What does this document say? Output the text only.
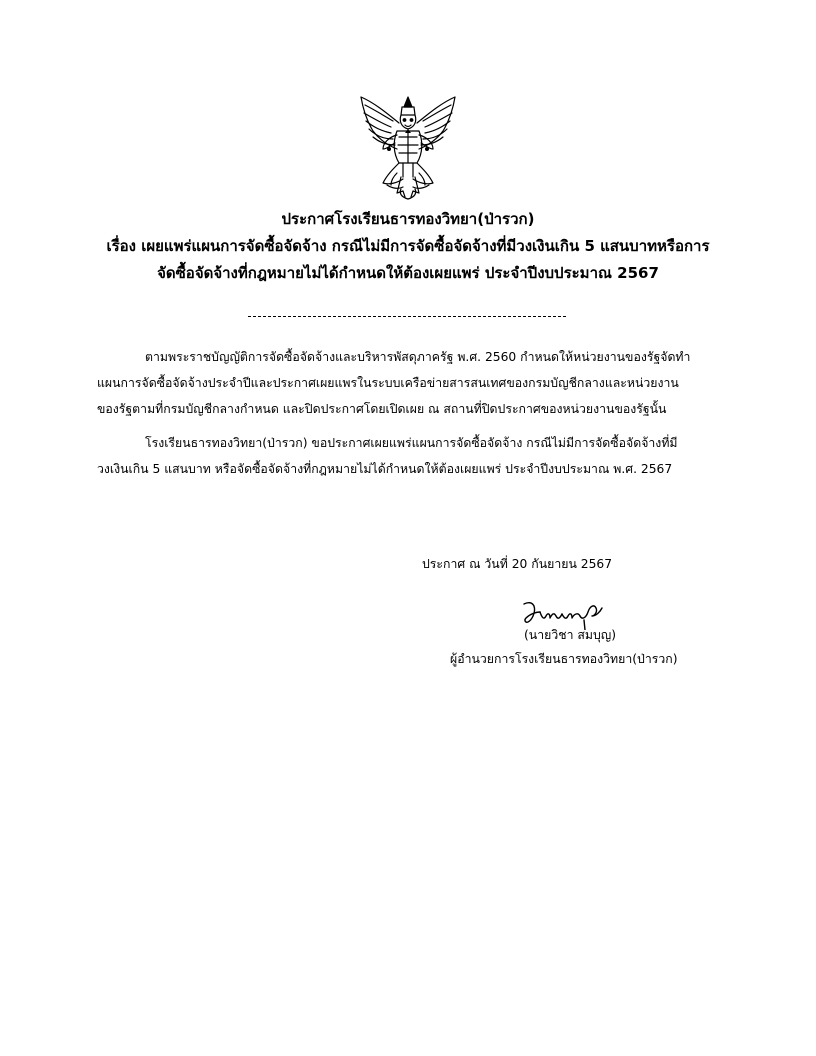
ประกาศโรงเรียนธารทองวิทยา(ป่ารวก)
เรื่อง เผยแพร่แผนการจัดซื้อจัดจ้าง กรณีไม่มีการจัดซื้อจัดจ้างที่มีวงเงินเกิน 5 แสนบาทหรือการ
จัดซื้อจัดจ้างที่กฎหมายไม่ได้กำหนดให้ต้องเผยแพร่ ประจำปีงบประมาณ 2567
ตามพระราชบัญญัติการจัดซื้อจัดจ้างและบริหารพัสดุภาครัฐ พ.ศ. 2560 กำหนดให้หน่วยงานของรัฐจัดทำ
แผนการจัดซื้อจัดจ้างประจำปีและประกาศเผยแพรในระบบเครือข่ายสารสนเทศของกรมบัญชีกลางและหน่วยงาน
ของรัฐตามที่กรมบัญชีกลางกำหนด และปิดประกาศโดยเปิดเผย ณ สถานที่ปิดประกาศของหน่วยงานของรัฐนั้น
โรงเรียนธารทองวิทยา(ป่ารวก) ขอประกาศเผยแพร่แผนการจัดซื้อจัดจ้าง กรณีไม่มีการจัดซื้อจัดจ้างที่มี
วงเงินเกิน 5 แสนบาท หรือจัดซื้อจัดจ้างที่กฎหมายไม่ได้กำหนดให้ต้องเผยแพร่ ประจำปีงบประมาณ พ.ศ. 2567
ประกาศ ณ วันที่ 20 กันยายน 2567
(นายวิชา สมบุญ)
ผู้อำนวยการโรงเรียนธารทองวิทยา(ป่ารวก)
